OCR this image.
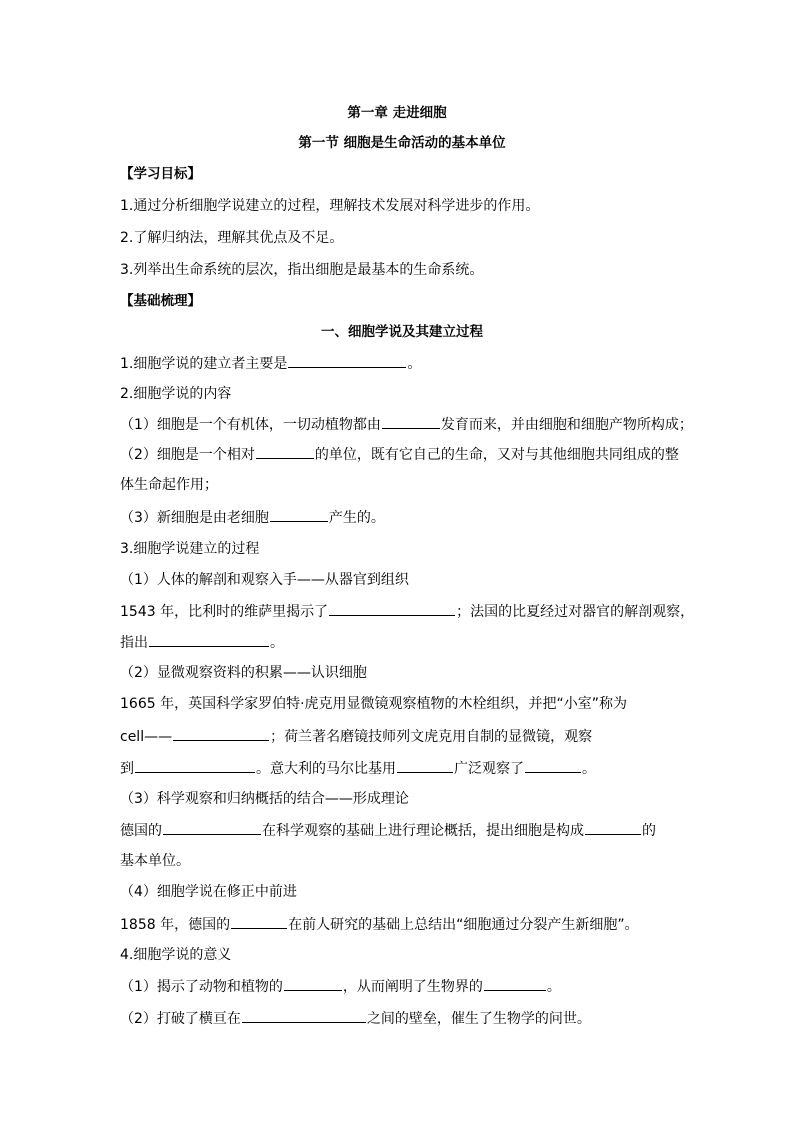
第一章 走进细胞
第一节 细胞是生命活动的基本单位
【学习目标】
1.通过分析细胞学说建立的过程，理解技术发展对科学进步的作用。
2.了解归纳法，理解其优点及不足。
3.列举出生命系统的层次，指出细胞是最基本的生命系统。
【基础梳理】
一、细胞学说及其建立过程
1.细胞学说的建立者主要是	。
2.细胞学说的内容
（1）细胞是一个有机体，一切动植物都由	发育而来，并由细胞和细胞产物所构成；
（2）细胞是一个相对	的单位，既有它自己的生命，又对与其他细胞共同组成的整
体生命起作用；
（3）新细胞是由老细胞	产生的。
3.细胞学说建立的过程
（1）人体的解剖和观察入手——从器官到组织
1543 年，比利时的维萨里揭示了	；法国的比夏经过对器官的解剖观察，
指出	。
（2）显微观察资料的积累——认识细胞
1665 年，英国科学家罗伯特·虎克用显微镜观察植物的木栓组织，并把“小室”称为
cell——	；荷兰著名磨镜技师列文虎克用自制的显微镜，观察
到	。意大利的马尔比基用	广泛观察了	。
（3）科学观察和归纳概括的结合——形成理论
德国的	在科学观察的基础上进行理论概括，提出细胞是构成	的
基本单位。
（4）细胞学说在修正中前进
1858 年，德国的	在前人研究的基础上总结出“细胞通过分裂产生新细胞”。
4.细胞学说的意义
（1）揭示了动物和植物的	，从而阐明了生物界的	。
（2）打破了横亘在	之间的壁垒，催生了生物学的问世。
